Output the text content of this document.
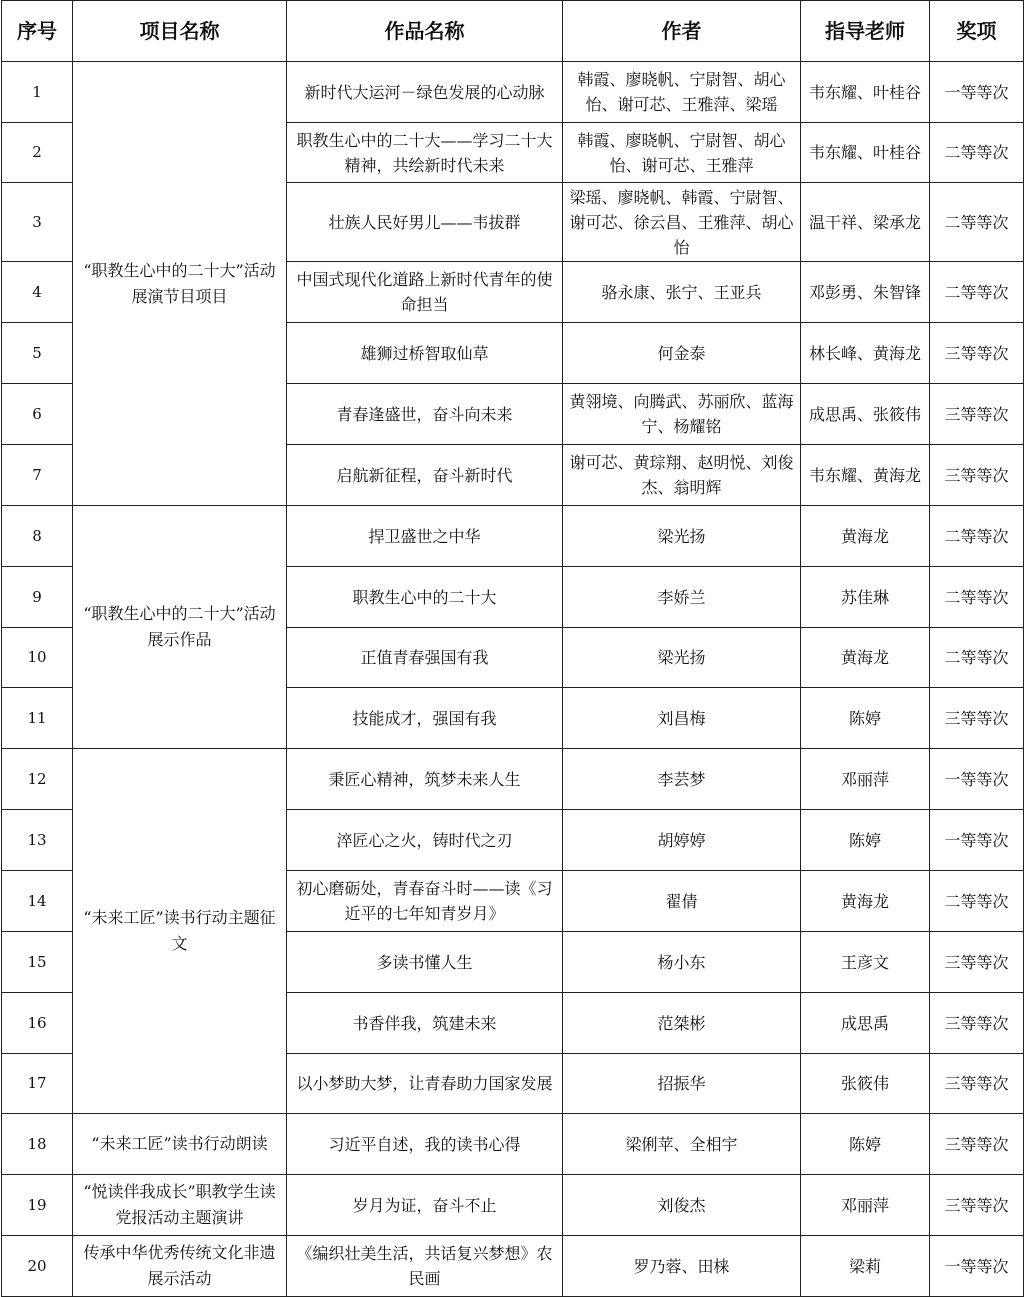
序号	项目名称	作品名称	作者	指导老师	奖项
1	“职教生心中的二十大”活动展演节目项目	新时代大运河－绿色发展的心动脉	韩霞、廖晓帆、宁尉智、胡心怡、谢可芯、王雅萍、梁瑶	韦东耀、叶桂谷	一等等次
2		职教生心中的二十大——学习二十大精神，共绘新时代未来	韩霞、廖晓帆、宁尉智、胡心怡、谢可芯、王雅萍	韦东耀、叶桂谷	二等等次
3		壮族人民好男儿——韦拔群	梁瑶、廖晓帆、韩霞、宁尉智、谢可芯、徐云昌、王雅萍、胡心怡	温干祥、梁承龙	二等等次
4		中国式现代化道路上新时代青年的使命担当	骆永康、张宁、王亚兵	邓彭勇、朱智锋	二等等次
5		雄狮过桥智取仙草	何金泰	林长峰、黄海龙	三等等次
6		青春逢盛世，奋斗向未来	黄翎境、向腾武、苏丽欣、蓝海宁、杨耀铭	成思禹、张筱伟	三等等次
7		启航新征程，奋斗新时代	谢可芯、黄琮翔、赵明悦、刘俊杰、翁明辉	韦东耀、黄海龙	三等等次
8	“职教生心中的二十大”活动展示作品	捍卫盛世之中华	梁光扬	黄海龙	二等等次
9		职教生心中的二十大	李娇兰	苏佳琳	二等等次
10		正值青春强国有我	梁光扬	黄海龙	二等等次
11		技能成才，强国有我	刘昌梅	陈婷	三等等次
12	“未来工匠”读书行动主题征文	秉匠心精神，筑梦未来人生	李芸梦	邓丽萍	一等等次
13		淬匠心之火，铸时代之刃	胡婷婷	陈婷	一等等次
14		初心磨砺处，青春奋斗时——读《习近平的七年知青岁月》	翟倩	黄海龙	二等等次
15		多读书懂人生	杨小东	王彦文	三等等次
16		书香伴我，筑建未来	范桀彬	成思禹	三等等次
17		以小梦助大梦，让青春助力国家发展	招振华	张筱伟	三等等次
18	“未来工匠”读书行动朗读	习近平自述，我的读书心得	梁俐苹、全相宇	陈婷	三等等次
19	“悦读伴我成长”职教学生读党报活动主题演讲	岁月为证，奋斗不止	刘俊杰	邓丽萍	三等等次
20	传承中华优秀传统文化非遗展示活动	《编织壮美生活，共话复兴梦想》农民画	罗乃蓉、田梾	梁莉	一等等次
